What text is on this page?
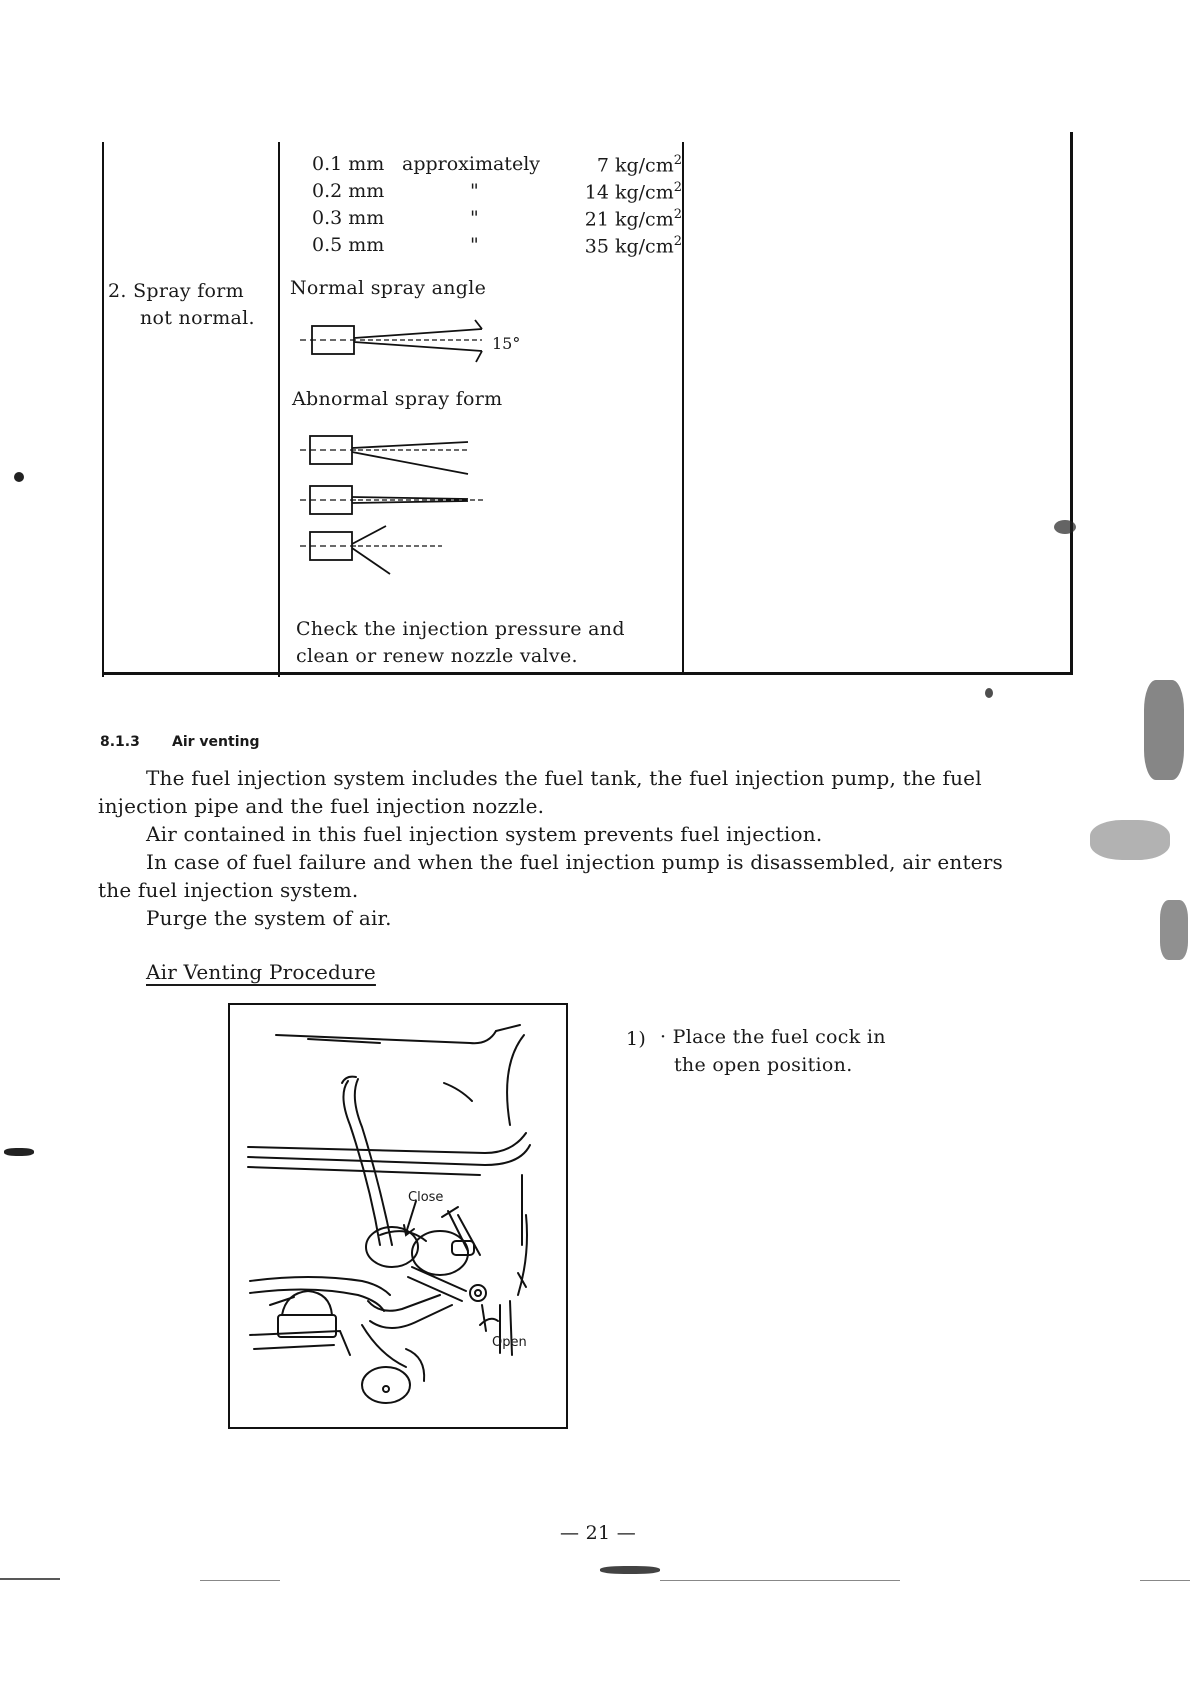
0.1 mm approximately	7 $kg/cm^2$
0.2 mm	"	14 $kg/cm^2$
0.3 mm	"	21 $kg/cm^2$
0.5 mm	"	35 $kg/cm^2$
2. Spray form
not normal.
Normal spray angle
15°
Abnormal spray form
Check the injection pressure and
clean or renew nozzle valve.
8.1.3 Air venting
The fuel injection system includes the fuel tank, the fuel injection pump, the fuel
injection pipe and the fuel injection nozzle.
Air contained in this fuel injection system prevents fuel injection.
In case of fuel failure and when the fuel injection pump is disassembled, air enters
the fuel injection system.
Purge the system of air.
Air Venting Procedure
Close
Open
1) · Place the fuel cock in
the open position.
— 21 —
